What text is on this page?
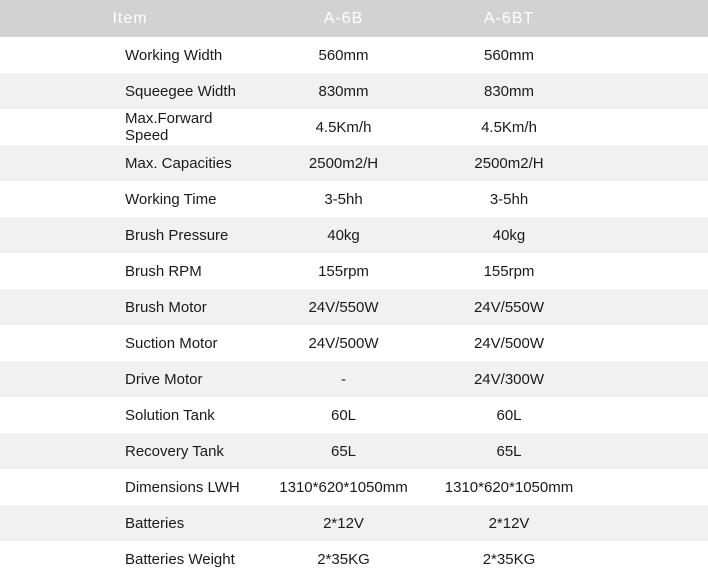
Item	A-6B	A-6BT
Working Width	560mm	560mm
Squeegee Width	830mm	830mm
Max.Forward Speed	4.5Km/h	4.5Km/h
Max. Capacities	2500m2/H	2500m2/H
Working Time	3-5hh	3-5hh
Brush Pressure	40kg	40kg
Brush RPM	155rpm	155rpm
Brush Motor	24V/550W	24V/550W
Suction Motor	24V/500W	24V/500W
Drive Motor	-	24V/300W
Solution Tank	60L	60L
Recovery Tank	65L	65L
Dimensions LWH	1310*620*1050mm	1310*620*1050mm
Batteries	2*12V	2*12V
Batteries Weight	2*35KG	2*35KG
